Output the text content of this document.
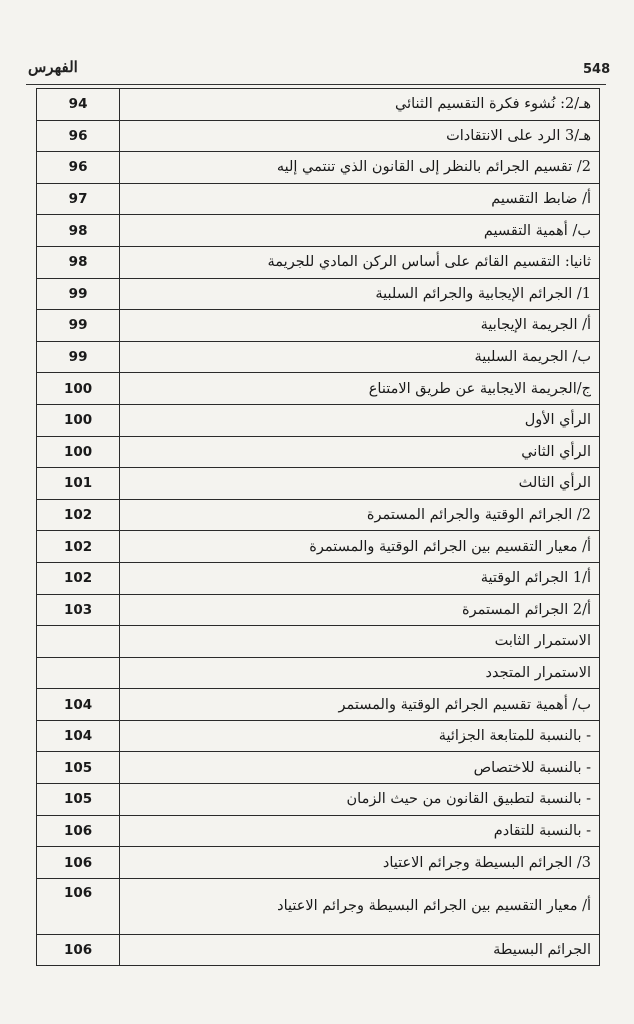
548
الفهرس
هـ/2: نُشوء فكرة التقسيم الثنائي	94
هـ/3 الرد على الانتقادات	96
2/ تقسيم الجرائم بالنظر إلى القانون الذي تنتمي إليه	96
أ/ ضابط التقسيم	97
ب/ أهمية التقسيم	98
ثانيا: التقسيم القائم على أساس الركن المادي للجريمة	98
1/ الجرائم الإيجابية والجرائم السلبية	99
أ/ الجريمة الإيجابية	99
ب/ الجريمة السلبية	99
ج/الجريمة الايجابية عن طريق الامتناع	100
الرأي الأول	100
الرأي الثاني	100
الرأي الثالث	101
2/ الجرائم الوقتية والجرائم المستمرة	102
أ/ معيار التقسيم بين الجرائم الوقتية والمستمرة	102
أ/1 الجرائم الوقتية	102
أ/2 الجرائم المستمرة	103
الاستمرار الثابت	
الاستمرار المتجدد	
ب/ أهمية تقسيم الجرائم الوقتية والمستمر	104
- بالنسبة للمتابعة الجزائية	104
- بالنسبة للاختصاص	105
- بالنسبة لتطبيق القانون من حيث الزمان	105
- بالنسبة للتقادم	106
3/ الجرائم البسيطة وجرائم الاعتياد	106
أ/ معيار التقسيم بين الجرائم البسيطة وجرائم الاعتياد	106
الجرائم البسيطة	106
